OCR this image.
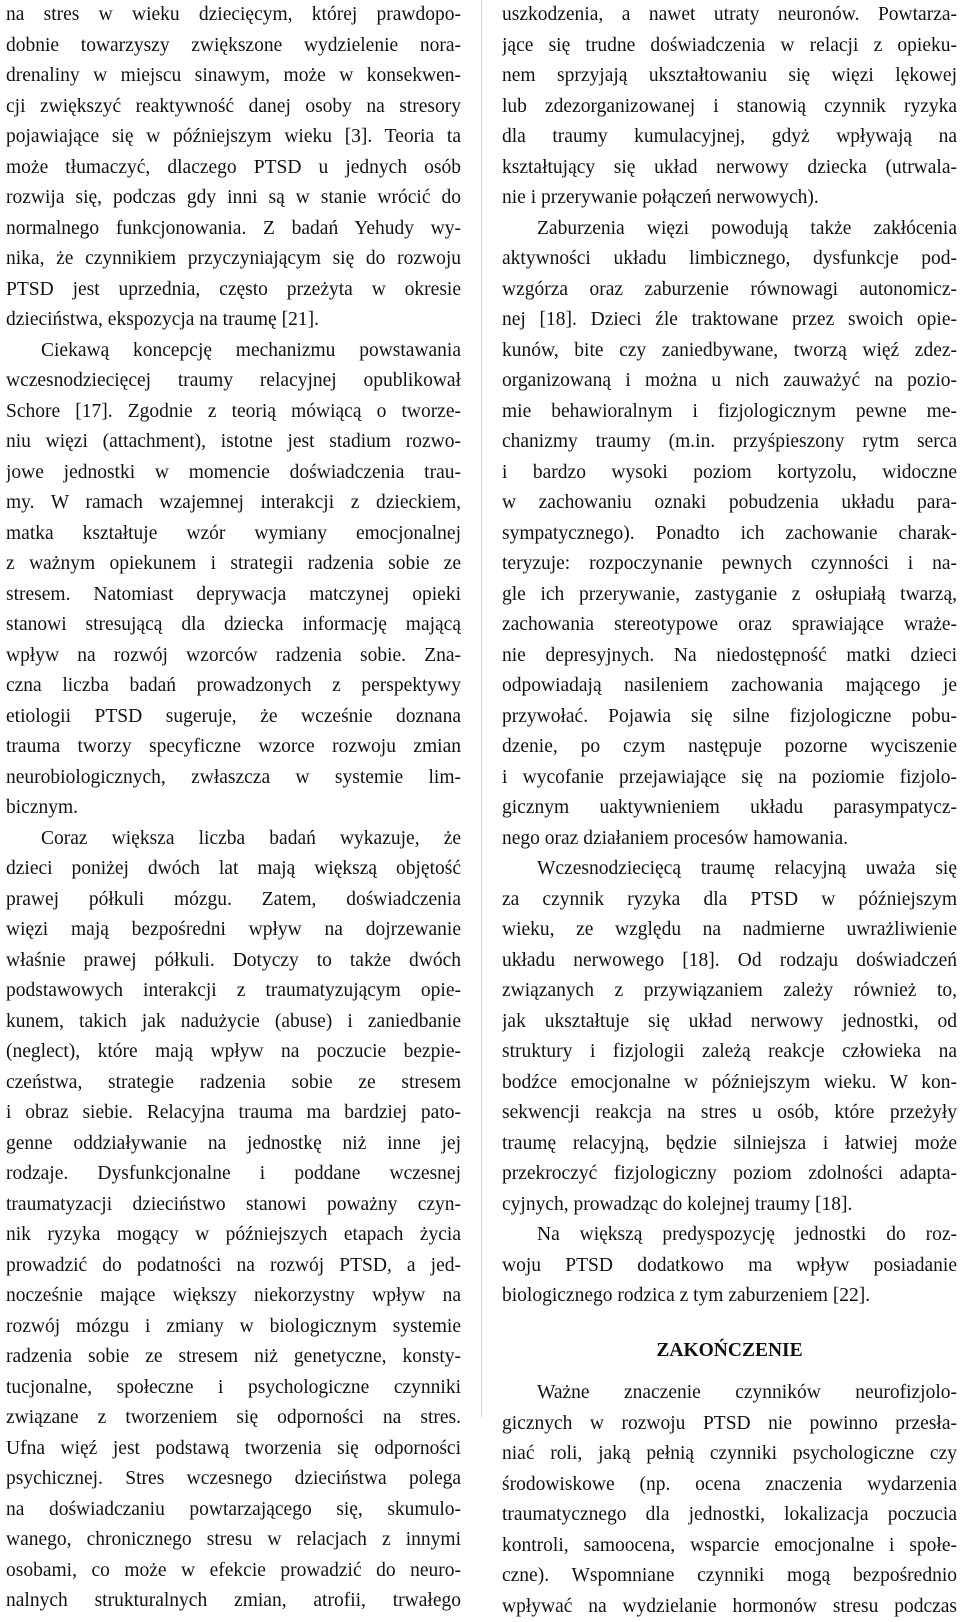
na stres w wieku dziecięcym, której prawdopo-
dobnie towarzyszy zwiększone wydzielenie nora-
drenaliny w miejscu sinawym, może w konsekwen-
cji zwiększyć reaktywność danej osoby na stresory
pojawiające się w późniejszym wieku [3]. Teoria ta
może tłumaczyć, dlaczego PTSD u jednych osób
rozwija się, podczas gdy inni są w stanie wrócić do
normalnego funkcjonowania. Z badań Yehudy wy-
nika, że czynnikiem przyczyniającym się do rozwoju
PTSD jest uprzednia, często przeżyta w okresie
dzieciństwa, ekspozycja na traumę [21].
Ciekawą koncepcję mechanizmu powstawania
wczesnodziecięcej traumy relacyjnej opublikował
Schore [17]. Zgodnie z teorią mówiącą o tworze-
niu więzi (attachment), istotne jest stadium rozwo-
jowe jednostki w momencie doświadczenia trau-
my. W ramach wzajemnej interakcji z dzieckiem,
matka kształtuje wzór wymiany emocjonalnej
z ważnym opiekunem i strategii radzenia sobie ze
stresem. Natomiast deprywacja matczynej opieki
stanowi stresującą dla dziecka informację mającą
wpływ na rozwój wzorców radzenia sobie. Zna-
czna liczba badań prowadzonych z perspektywy
etiologii PTSD sugeruje, że wcześnie doznana
trauma tworzy specyficzne wzorce rozwoju zmian
neurobiologicznych, zwłaszcza w systemie lim-
bicznym.
Coraz większa liczba badań wykazuje, że
dzieci poniżej dwóch lat mają większą objętość
prawej półkuli mózgu. Zatem, doświadczenia
więzi mają bezpośredni wpływ na dojrzewanie
właśnie prawej półkuli. Dotyczy to także dwóch
podstawowych interakcji z traumatyzującym opie-
kunem, takich jak nadużycie (abuse) i zaniedbanie
(neglect), które mają wpływ na poczucie bezpie-
czeństwa, strategie radzenia sobie ze stresem
i obraz siebie. Relacyjna trauma ma bardziej pato-
genne oddziaływanie na jednostkę niż inne jej
rodzaje. Dysfunkcjonalne i poddane wczesnej
traumatyzacji dzieciństwo stanowi poważny czyn-
nik ryzyka mogący w późniejszych etapach życia
prowadzić do podatności na rozwój PTSD, a jed-
nocześnie mające większy niekorzystny wpływ na
rozwój mózgu i zmiany w biologicznym systemie
radzenia sobie ze stresem niż genetyczne, konsty-
tucjonalne, społeczne i psychologiczne czynniki
związane z tworzeniem się odporności na stres.
Ufna więź jest podstawą tworzenia się odporności
psychicznej. Stres wczesnego dzieciństwa polega
na doświadczaniu powtarzającego się, skumulo-
wanego, chronicznego stresu w relacjach z innymi
osobami, co może w efekcie prowadzić do neuro-
nalnych strukturalnych zmian, atrofii, trwałego
uszkodzenia, a nawet utraty neuronów. Powtarza-
jące się trudne doświadczenia w relacji z opieku-
nem sprzyjają ukształtowaniu się więzi lękowej
lub zdezorganizowanej i stanowią czynnik ryzyka
dla traumy kumulacyjnej, gdyż wpływają na
kształtujący się układ nerwowy dziecka (utrwala-
nie i przerywanie połączeń nerwowych).
Zaburzenia więzi powodują także zakłócenia
aktywności układu limbicznego, dysfunkcje pod-
wzgórza oraz zaburzenie równowagi autonomicz-
nej [18]. Dzieci źle traktowane przez swoich opie-
kunów, bite czy zaniedbywane, tworzą więź zdez-
organizowaną i można u nich zauważyć na pozio-
mie behawioralnym i fizjologicznym pewne me-
chanizmy traumy (m.in. przyśpieszony rytm serca
i bardzo wysoki poziom kortyzolu, widoczne
w zachowaniu oznaki pobudzenia układu para-
sympatycznego). Ponadto ich zachowanie charak-
teryzuje: rozpoczynanie pewnych czynności i na-
gle ich przerywanie, zastyganie z osłupiałą twarzą,
zachowania stereotypowe oraz sprawiające wraże-
nie depresyjnych. Na niedostępność matki dzieci
odpowiadają nasileniem zachowania mającego je
przywołać. Pojawia się silne fizjologiczne pobu-
dzenie, po czym następuje pozorne wyciszenie
i wycofanie przejawiające się na poziomie fizjolo-
gicznym uaktywnieniem układu parasympatycz-
nego oraz działaniem procesów hamowania.
Wczesnodziecięcą traumę relacyjną uważa się
za czynnik ryzyka dla PTSD w późniejszym
wieku, ze względu na nadmierne uwrażliwienie
układu nerwowego [18]. Od rodzaju doświadczeń
związanych z przywiązaniem zależy również to,
jak ukształtuje się układ nerwowy jednostki, od
struktury i fizjologii zależą reakcje człowieka na
bodźce emocjonalne w późniejszym wieku. W kon-
sekwencji reakcja na stres u osób, które przeżyły
traumę relacyjną, będzie silniejsza i łatwiej może
przekroczyć fizjologiczny poziom zdolności adapta-
cyjnych, prowadząc do kolejnej traumy [18].
Na większą predyspozycję jednostki do roz-
woju PTSD dodatkowo ma wpływ posiadanie
biologicznego rodzica z tym zaburzeniem [22].
ZAKOŃCZENIE
Ważne znaczenie czynników neurofizjolo-
gicznych w rozwoju PTSD nie powinno przesła-
niać roli, jaką pełnią czynniki psychologiczne czy
środowiskowe (np. ocena znaczenia wydarzenia
traumatycznego dla jednostki, lokalizacja poczucia
kontroli, samoocena, wsparcie emocjonalne i społe-
czne). Wspomniane czynniki mogą bezpośrednio
wpływać na wydzielanie hormonów stresu podczas
